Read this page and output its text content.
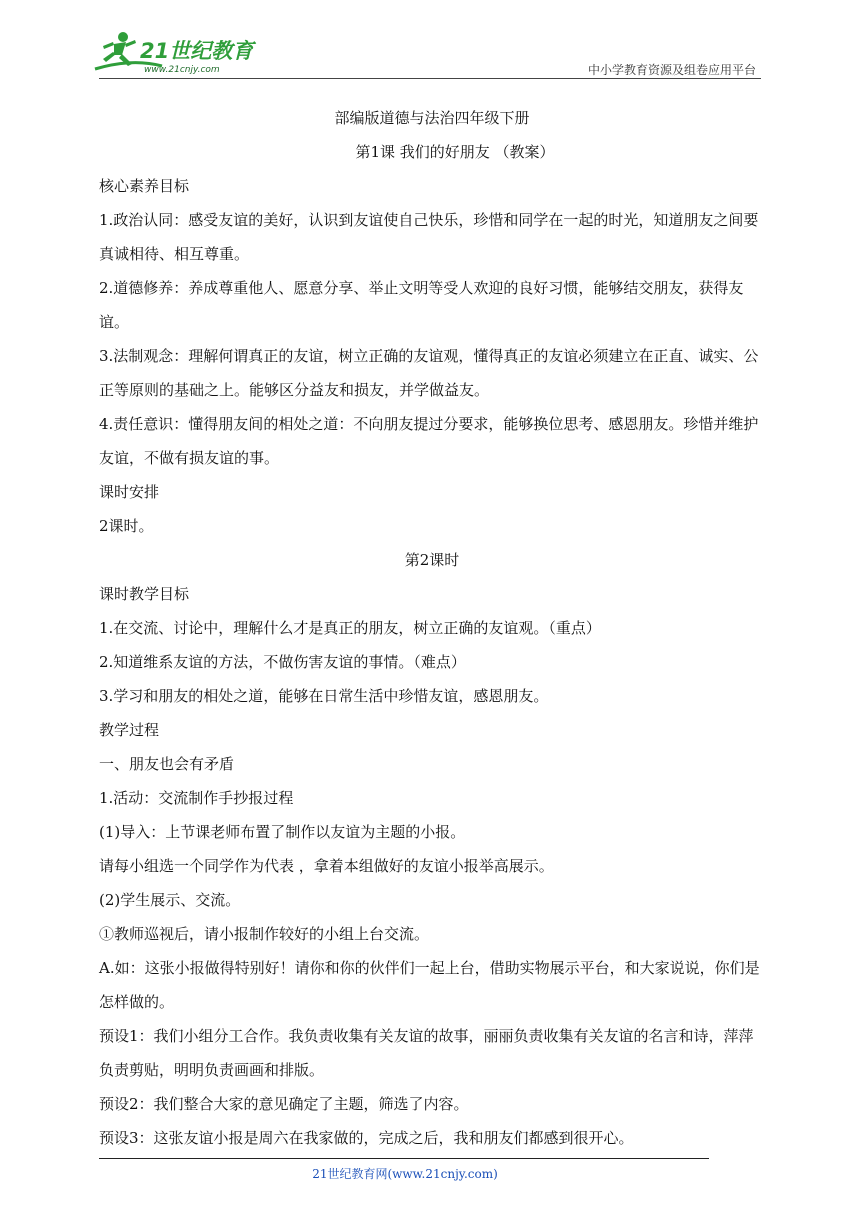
21世纪教育
www.21cnjy.com	中小学教育资源及组卷应用平台

部编版道德与法治四年级下册

第1课 我们的好朋友 （教案）

核心素养目标

1.政治认同：感受友谊的美好，认识到友谊使自己快乐，珍惜和同学在一起的时光，知道朋友之间要真诚相待、相互尊重。

2.道德修养：养成尊重他人、愿意分享、举止文明等受人欢迎的良好习惯，能够结交朋友，获得友谊。

3.法制观念：理解何谓真正的友谊，树立正确的友谊观，懂得真正的友谊必须建立在正直、诚实、公正等原则的基础之上。能够区分益友和损友，并学做益友。

4.责任意识：懂得朋友间的相处之道：不向朋友提过分要求，能够换位思考、感恩朋友。珍惜并维护友谊，不做有损友谊的事。

课时安排

2课时。

第2课时

课时教学目标

1.在交流、讨论中，理解什么才是真正的朋友，树立正确的友谊观。（重点）

2.知道维系友谊的方法，不做伤害友谊的事情。（难点）

3.学习和朋友的相处之道，能够在日常生活中珍惜友谊，感恩朋友。

教学过程

一、朋友也会有矛盾

1.活动：交流制作手抄报过程

(1)导入：上节课老师布置了制作以友谊为主题的小报。

请每小组选一个同学作为代表 ，拿着本组做好的友谊小报举高展示。

(2)学生展示、交流。

①教师巡视后，请小报制作较好的小组上台交流。

A.如：这张小报做得特别好！请你和你的伙伴们一起上台，借助实物展示平台，和大家说说，你们是怎样做的。

预设1：我们小组分工合作。我负责收集有关友谊的故事，丽丽负责收集有关友谊的名言和诗，萍萍负责剪贴，明明负责画画和排版。

预设2：我们整合大家的意见确定了主题，筛选了内容。

预设3：这张友谊小报是周六在我家做的，完成之后，我和朋友们都感到很开心。

21世纪教育网(www.21cnjy.com)
